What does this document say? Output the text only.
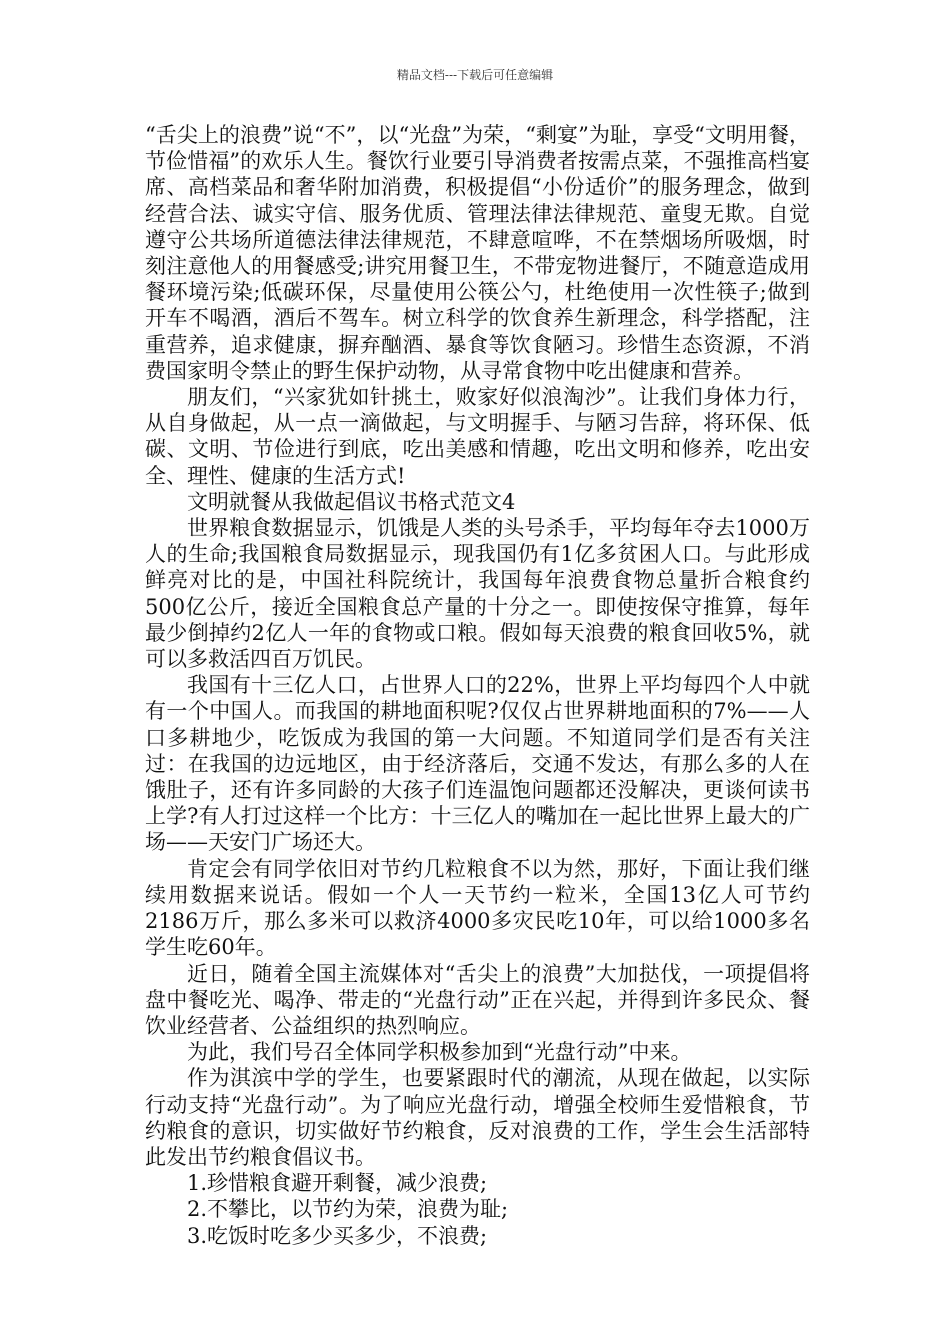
精品文档---下载后可任意编辑

“舌尖上的浪费”说“不”，以“光盘”为荣，“剩宴”为耻，享受“文明用餐，节俭惜福”的欢乐人生。餐饮行业要引导消费者按需点菜，不强推高档宴席、高档菜品和奢华附加消费，积极提倡“小份适价”的服务理念，做到经营合法、诚实守信、服务优质、管理法律法律规范、童叟无欺。自觉遵守公共场所道德法律法律规范，不肆意喧哗，不在禁烟场所吸烟，时刻注意他人的用餐感受;讲究用餐卫生，不带宠物进餐厅，不随意造成用餐环境污染;低碳环保，尽量使用公筷公勺，杜绝使用一次性筷子;做到开车不喝酒，酒后不驾车。树立科学的饮食养生新理念，科学搭配，注重营养，追求健康，摒弃酗酒、暴食等饮食陋习。珍惜生态资源，不消费国家明令禁止的野生保护动物，从寻常食物中吃出健康和营养。

朋友们，“兴家犹如针挑土，败家好似浪淘沙”。让我们身体力行，从自身做起，从一点一滴做起，与文明握手、与陋习告辞，将环保、低碳、文明、节俭进行到底，吃出美感和情趣，吃出文明和修养，吃出安全、理性、健康的生活方式!

文明就餐从我做起倡议书格式范文4

世界粮食数据显示，饥饿是人类的头号杀手，平均每年夺去1000万人的生命;我国粮食局数据显示，现我国仍有1亿多贫困人口。与此形成鲜亮对比的是，中国社科院统计，我国每年浪费食物总量折合粮食约500亿公斤，接近全国粮食总产量的十分之一。即使按保守推算，每年最少倒掉约2亿人一年的食物或口粮。假如每天浪费的粮食回收5%，就可以多救活四百万饥民。

我国有十三亿人口，占世界人口的22%，世界上平均每四个人中就有一个中国人。而我国的耕地面积呢?仅仅占世界耕地面积的7%——人口多耕地少，吃饭成为我国的第一大问题。不知道同学们是否有关注过：在我国的边远地区，由于经济落后，交通不发达，有那么多的人在饿肚子，还有许多同龄的大孩子们连温饱问题都还没解决，更谈何读书上学?有人打过这样一个比方：十三亿人的嘴加在一起比世界上最大的广场——天安门广场还大。

肯定会有同学依旧对节约几粒粮食不以为然，那好，下面让我们继续用数据来说话。假如一个人一天节约一粒米，全国13亿人可节约2186万斤，那么多米可以救济4000多灾民吃10年，可以给1000多名学生吃60年。

近日，随着全国主流媒体对“舌尖上的浪费”大加挞伐，一项提倡将盘中餐吃光、喝净、带走的“光盘行动”正在兴起，并得到许多民众、餐饮业经营者、公益组织的热烈响应。

为此，我们号召全体同学积极参加到“光盘行动”中来。

作为淇滨中学的学生，也要紧跟时代的潮流，从现在做起，以实际行动支持“光盘行动”。为了响应光盘行动，增强全校师生爱惜粮食，节约粮食的意识，切实做好节约粮食，反对浪费的工作，学生会生活部特此发出节约粮食倡议书。

1.珍惜粮食避开剩餐，减少浪费;

2.不攀比，以节约为荣，浪费为耻;

3.吃饭时吃多少买多少，不浪费;
